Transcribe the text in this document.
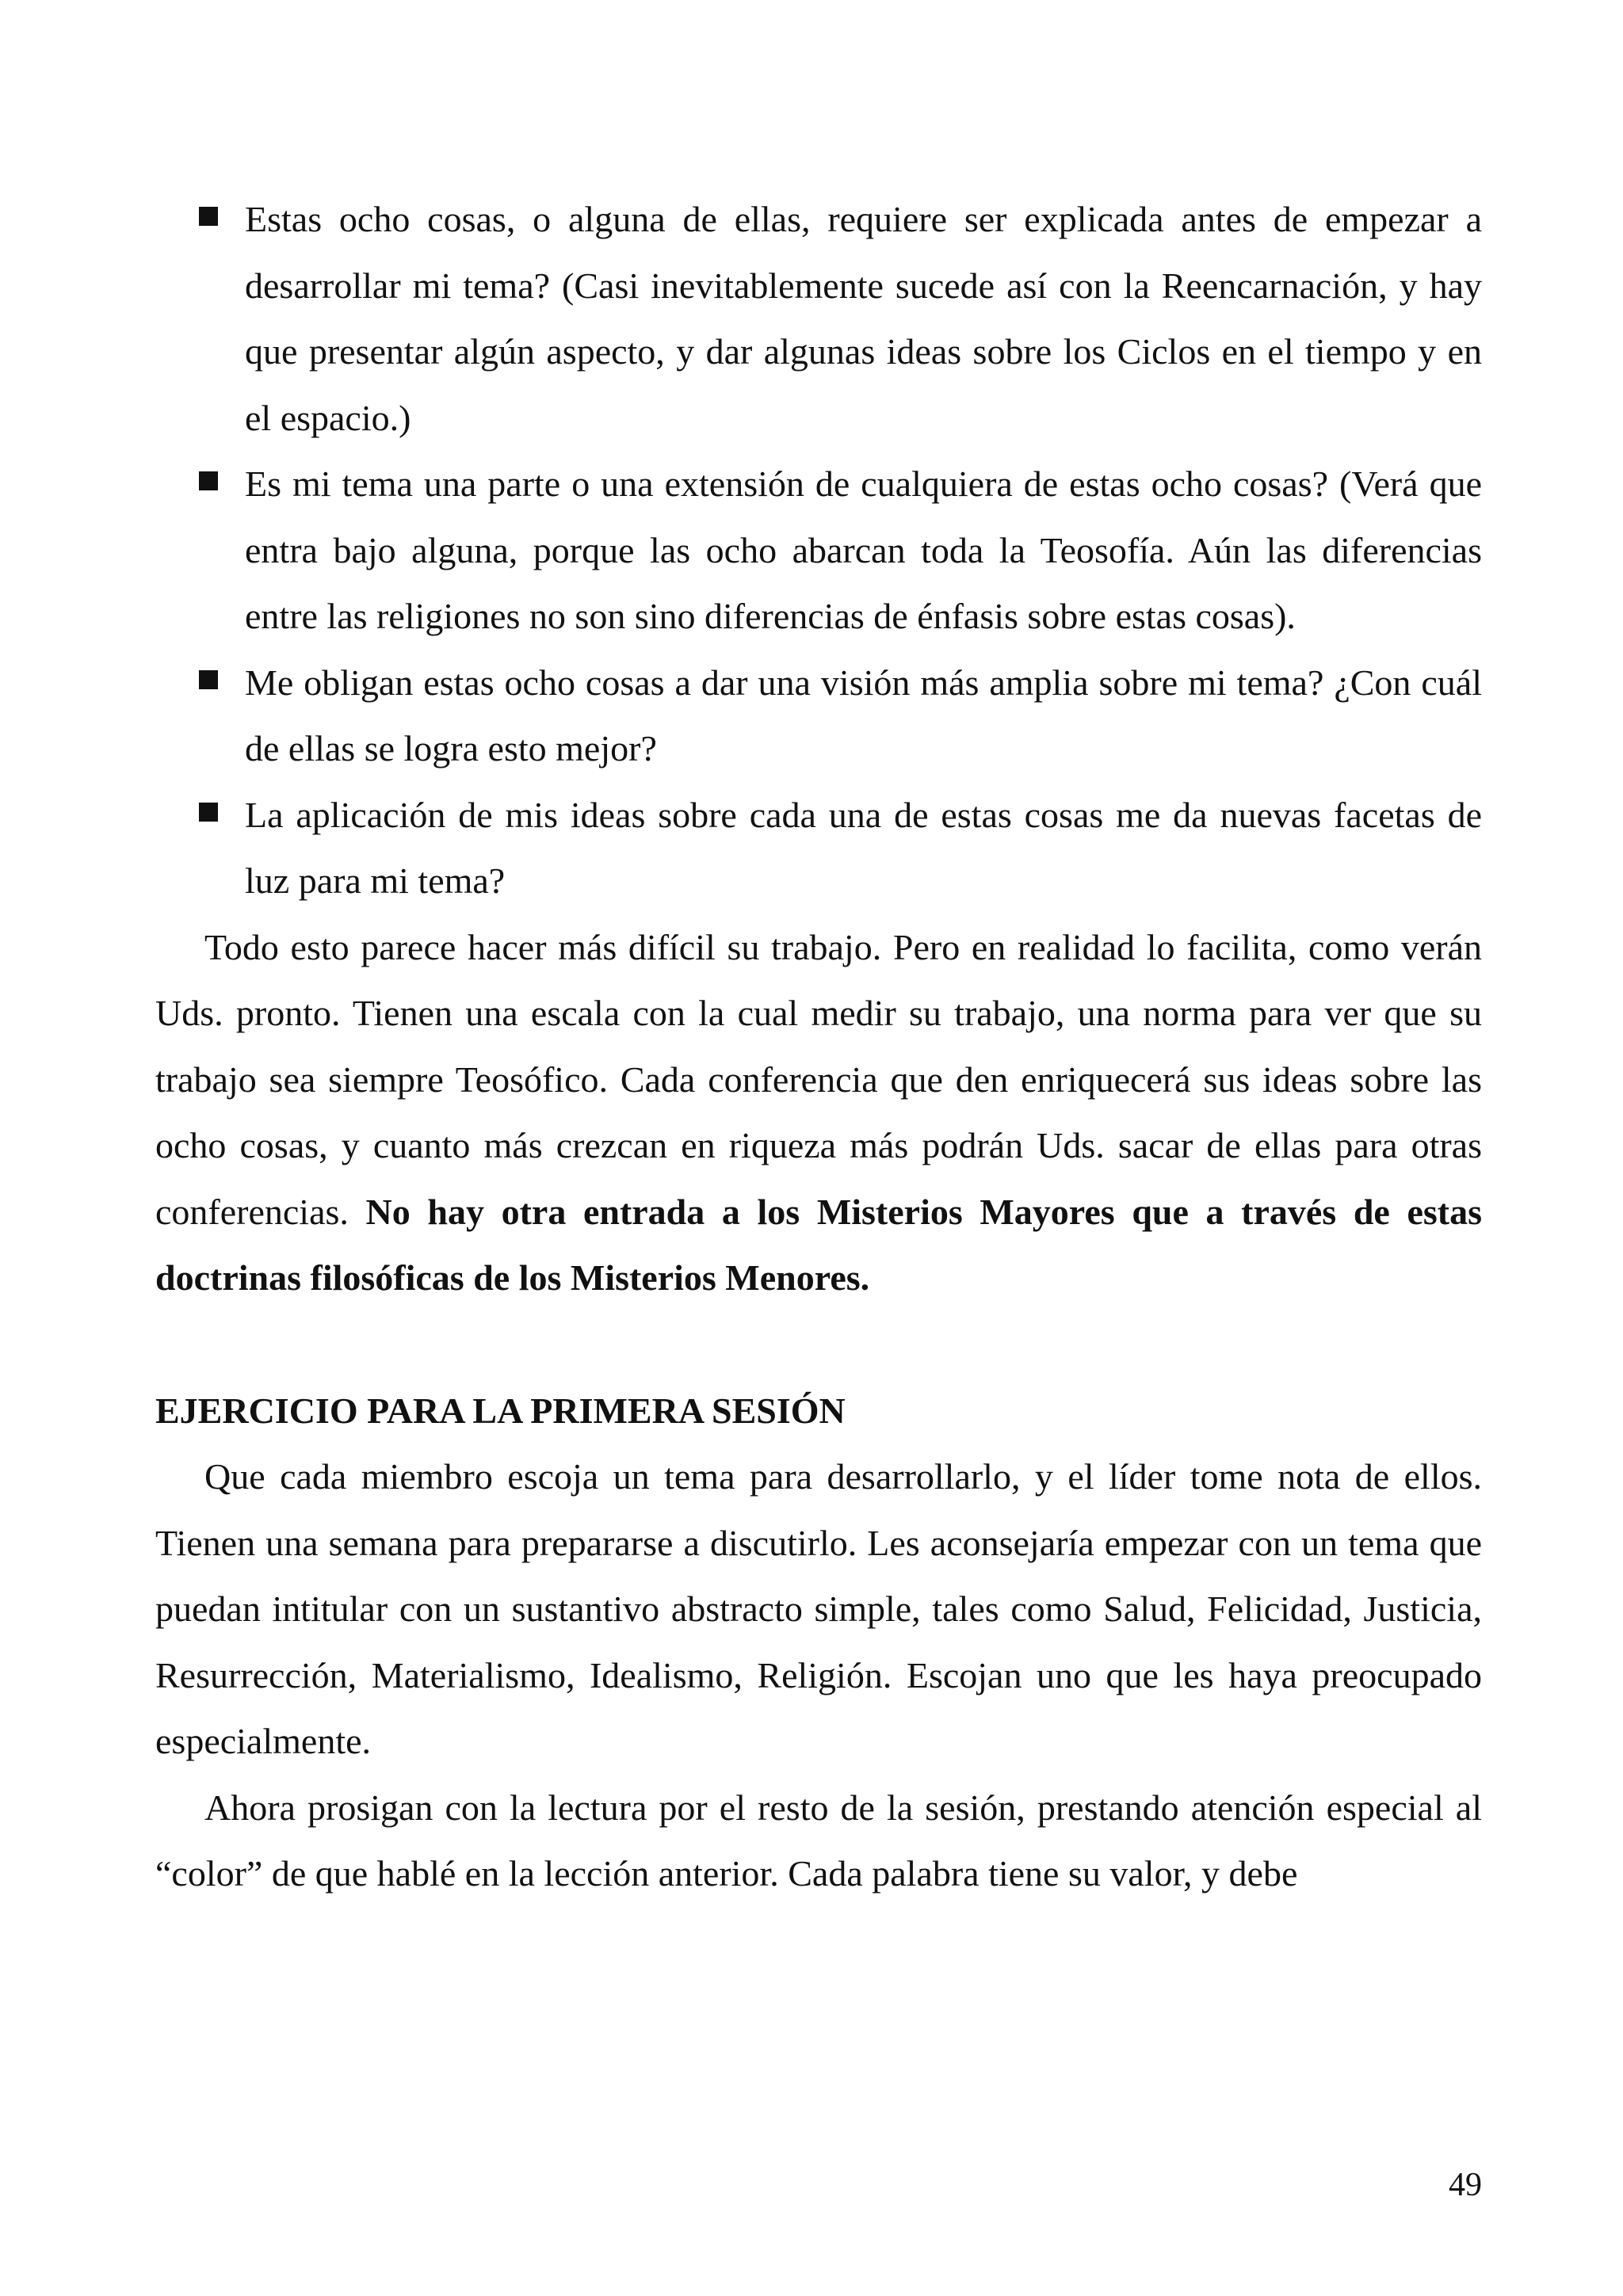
Estas ocho cosas, o alguna de ellas, requiere ser explicada antes de empezar a desarrollar mi tema? (Casi inevitablemente sucede así con la Reencarnación, y hay que presentar algún aspecto, y dar algunas ideas sobre los Ciclos en el tiempo y en el espacio.)
Es mi tema una parte o una extensión de cualquiera de estas ocho cosas? (Verá que entra bajo alguna, porque las ocho abarcan toda la Teosofía. Aún las diferencias entre las religiones no son sino diferencias de énfasis sobre estas cosas).
Me obligan estas ocho cosas a dar una visión más amplia sobre mi tema? ¿Con cuál de ellas se logra esto mejor?
La aplicación de mis ideas sobre cada una de estas cosas me da nuevas facetas de luz para mi tema?

Todo esto parece hacer más difícil su trabajo. Pero en realidad lo facilita, como verán Uds. pronto. Tienen una escala con la cual medir su trabajo, una norma para ver que su trabajo sea siempre Teosófico. Cada conferencia que den enriquecerá sus ideas sobre las ocho cosas, y cuanto más crezcan en riqueza más podrán Uds. sacar de ellas para otras conferencias. No hay otra entrada a los Misterios Mayores que a través de estas doctrinas filosóficas de los Misterios Menores.

EJERCICIO PARA LA PRIMERA SESIÓN

Que cada miembro escoja un tema para desarrollarlo, y el líder tome nota de ellos. Tienen una semana para prepararse a discutirlo. Les aconsejaría empezar con un tema que puedan intitular con un sustantivo abstracto simple, tales como Salud, Felicidad, Justicia, Resurrección, Materialismo, Idealismo, Religión. Escojan uno que les haya preocupado especialmente.

Ahora prosigan con la lectura por el resto de la sesión, prestando atención especial al “color” de que hablé en la lección anterior. Cada palabra tiene su valor, y debe

49
